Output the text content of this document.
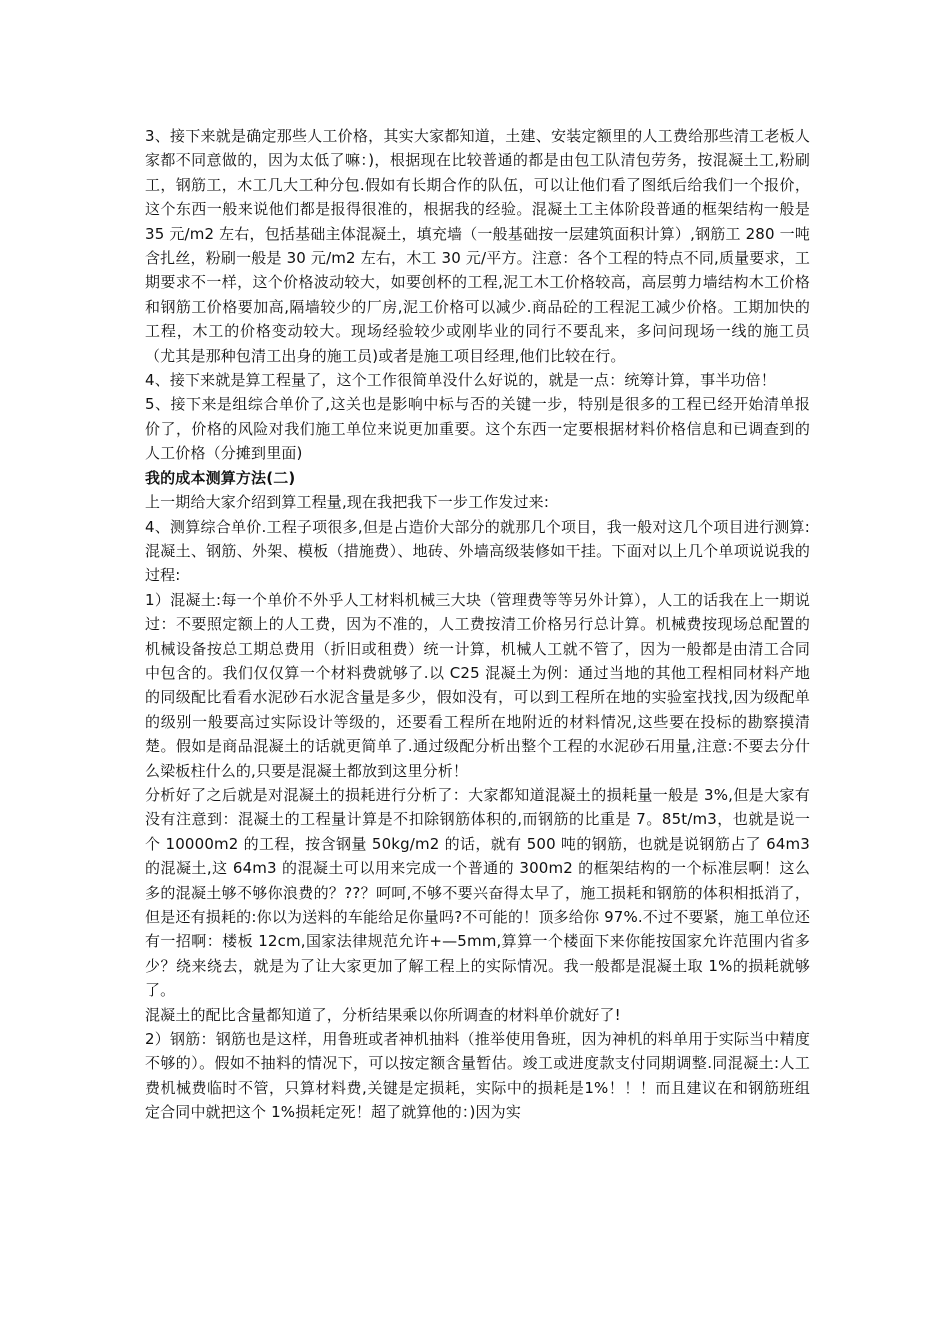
3、接下来就是确定那些人工价格，其实大家都知道，土建、安装定额里的人工费给那些清工老板人家都不同意做的，因为太低了嘛：)，根据现在比较普通的都是由包工队清包劳务，按混凝土工,粉刷工，钢筋工，木工几大工种分包.假如有长期合作的队伍，可以让他们看了图纸后给我们一个报价，这个东西一般来说他们都是报得很准的，根据我的经验。混凝土工主体阶段普通的框架结构一般是 35 元/m2 左右，包括基础主体混凝土，填充墙（一般基础按一层建筑面积计算）,钢筋工 280 一吨含扎丝，粉刷一般是 30 元/m2 左右，木工 30 元/平方。注意：各个工程的特点不同,质量要求，工期要求不一样，这个价格波动较大，如要创杯的工程,泥工木工价格较高，高层剪力墙结构木工价格和钢筋工价格要加高,隔墙较少的厂房,泥工价格可以减少.商品砼的工程泥工减少价格。工期加快的工程，木工的价格变动较大。现场经验较少或刚毕业的同行不要乱来，多问问现场一线的施工员（尤其是那种包清工出身的施工员)或者是施工项目经理,他们比较在行。

4、接下来就是算工程量了，这个工作很简单没什么好说的，就是一点：统筹计算，事半功倍！

5、接下来是组综合单价了,这关也是影响中标与否的关键一步，特别是很多的工程已经开始清单报价了，价格的风险对我们施工单位来说更加重要。这个东西一定要根据材料价格信息和已调查到的人工价格（分摊到里面)

我的成本测算方法(二)

上一期给大家介绍到算工程量,现在我把我下一步工作发过来:

4、测算综合单价.工程子项很多,但是占造价大部分的就那几个项目，我一般对这几个项目进行测算:混凝土、钢筋、外架、模板（措施费）、地砖、外墙高级装修如干挂。下面对以上几个单项说说我的过程:

1）混凝土:每一个单价不外乎人工材料机械三大块（管理费等等另外计算），人工的话我在上一期说过：不要照定额上的人工费，因为不准的，人工费按清工价格另行总计算。机械费按现场总配置的机械设备按总工期总费用（折旧或租费）统一计算，机械人工就不管了，因为一般都是由清工合同中包含的。我们仅仅算一个材料费就够了.以 C25 混凝土为例：通过当地的其他工程相同材料产地的同级配比看看水泥砂石水泥含量是多少，假如没有，可以到工程所在地的实验室找找,因为级配单的级别一般要高过实际设计等级的，还要看工程所在地附近的材料情况,这些要在投标的勘察摸清楚。假如是商品混凝土的话就更简单了.通过级配分析出整个工程的水泥砂石用量,注意:不要去分什么梁板柱什么的,只要是混凝土都放到这里分析！

分析好了之后就是对混凝土的损耗进行分析了：大家都知道混凝土的损耗量一般是 3%,但是大家有没有注意到：混凝土的工程量计算是不扣除钢筋体积的,而钢筋的比重是 7。85t/m3，也就是说一个 10000m2 的工程，按含钢量 50kg/m2 的话，就有 500 吨的钢筋，也就是说钢筋占了 64m3 的混凝土,这 64m3 的混凝土可以用来完成一个普通的 300m2 的框架结构的一个标准层啊！这么多的混凝土够不够你浪费的？??？呵呵,不够不要兴奋得太早了，施工损耗和钢筋的体积相抵消了，但是还有损耗的:你以为送料的车能给足你量吗?不可能的！顶多给你 97%.不过不要紧，施工单位还有一招啊：楼板 12cm,国家法律规范允许+—5mm,算算一个楼面下来你能按国家允许范围内省多少？绕来绕去，就是为了让大家更加了解工程上的实际情况。我一般都是混凝土取 1%的损耗就够了。

混凝土的配比含量都知道了，分析结果乘以你所调查的材料单价就好了!

2）钢筋：钢筋也是这样，用鲁班或者神机抽料（推举使用鲁班，因为神机的料单用于实际当中精度不够的）。假如不抽料的情况下，可以按定额含量暂估。竣工或进度款支付同期调整.同混凝土:人工费机械费临时不管，只算材料费,关键是定损耗，实际中的损耗是1%！！！而且建议在和钢筋班组定合同中就把这个 1%损耗定死！超了就算他的：)因为实
